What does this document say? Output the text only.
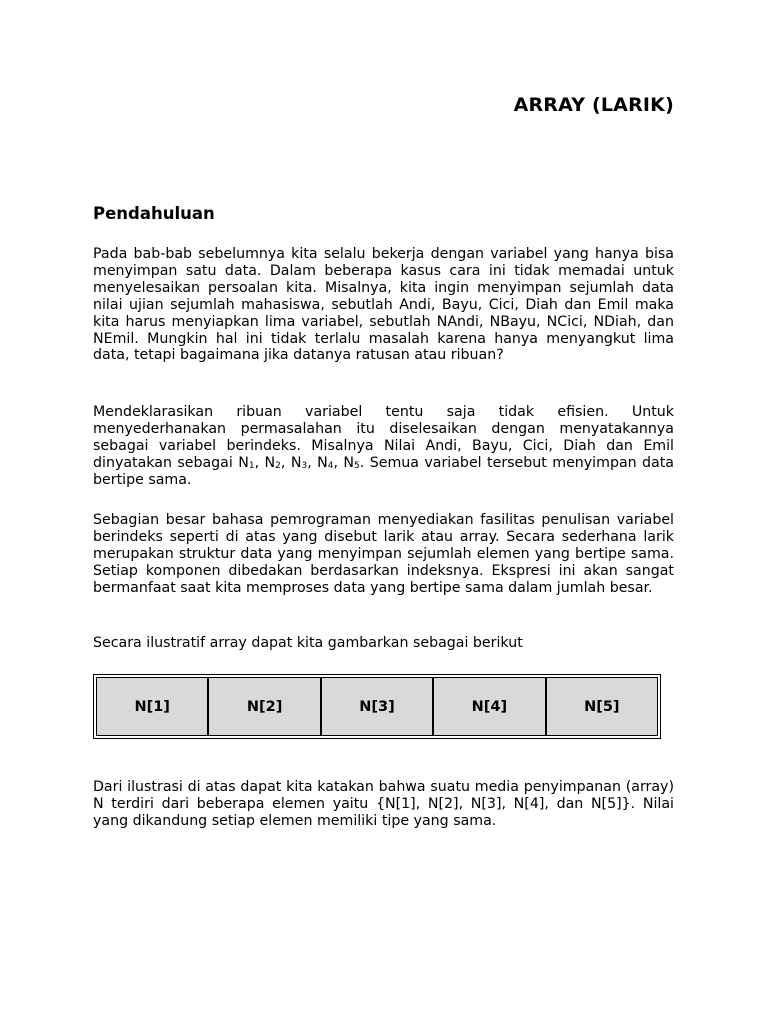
ARRAY (LARIK)
Pendahuluan

Pada bab-bab sebelumnya kita selalu bekerja dengan variabel yang hanya bisa menyimpan satu data. Dalam beberapa kasus cara ini tidak memadai untuk menyelesaikan persoalan kita. Misalnya, kita ingin menyimpan sejumlah data nilai ujian sejumlah mahasiswa, sebutlah Andi, Bayu, Cici, Diah dan Emil maka kita harus menyiapkan lima variabel, sebutlah NAndi, NBayu, NCici, NDiah, dan NEmil. Mungkin hal ini tidak terlalu masalah karena hanya menyangkut lima data, tetapi bagaimana jika datanya ratusan atau ribuan?

Mendeklarasikan ribuan variabel tentu saja tidak efisien. Untuk menyederhanakan permasalahan itu diselesaikan dengan menyatakannya sebagai variabel berindeks. Misalnya Nilai Andi, Bayu, Cici, Diah dan Emil dinyatakan sebagai $N_1$, $N_2$, $N_3$, $N_4$, $N_5$. Semua variabel tersebut menyimpan data bertipe sama.

Sebagian besar bahasa pemrograman menyediakan fasilitas penulisan variabel berindeks seperti di atas yang disebut larik atau array. Secara sederhana larik merupakan struktur data yang menyimpan sejumlah elemen yang bertipe sama. Setiap komponen dibedakan berdasarkan indeksnya. Ekspresi ini akan sangat bermanfaat saat kita memproses data yang bertipe sama dalam jumlah besar.

Secara ilustratif array dapat kita gambarkan sebagai berikut

N[1]	N[2]	N[3]	N[4]	N[5]

Dari ilustrasi di atas dapat kita katakan bahwa suatu media penyimpanan (array) N terdiri dari beberapa elemen yaitu {N[1], N[2], N[3], N[4], dan N[5]}. Nilai yang dikandung setiap elemen memiliki tipe yang sama.
